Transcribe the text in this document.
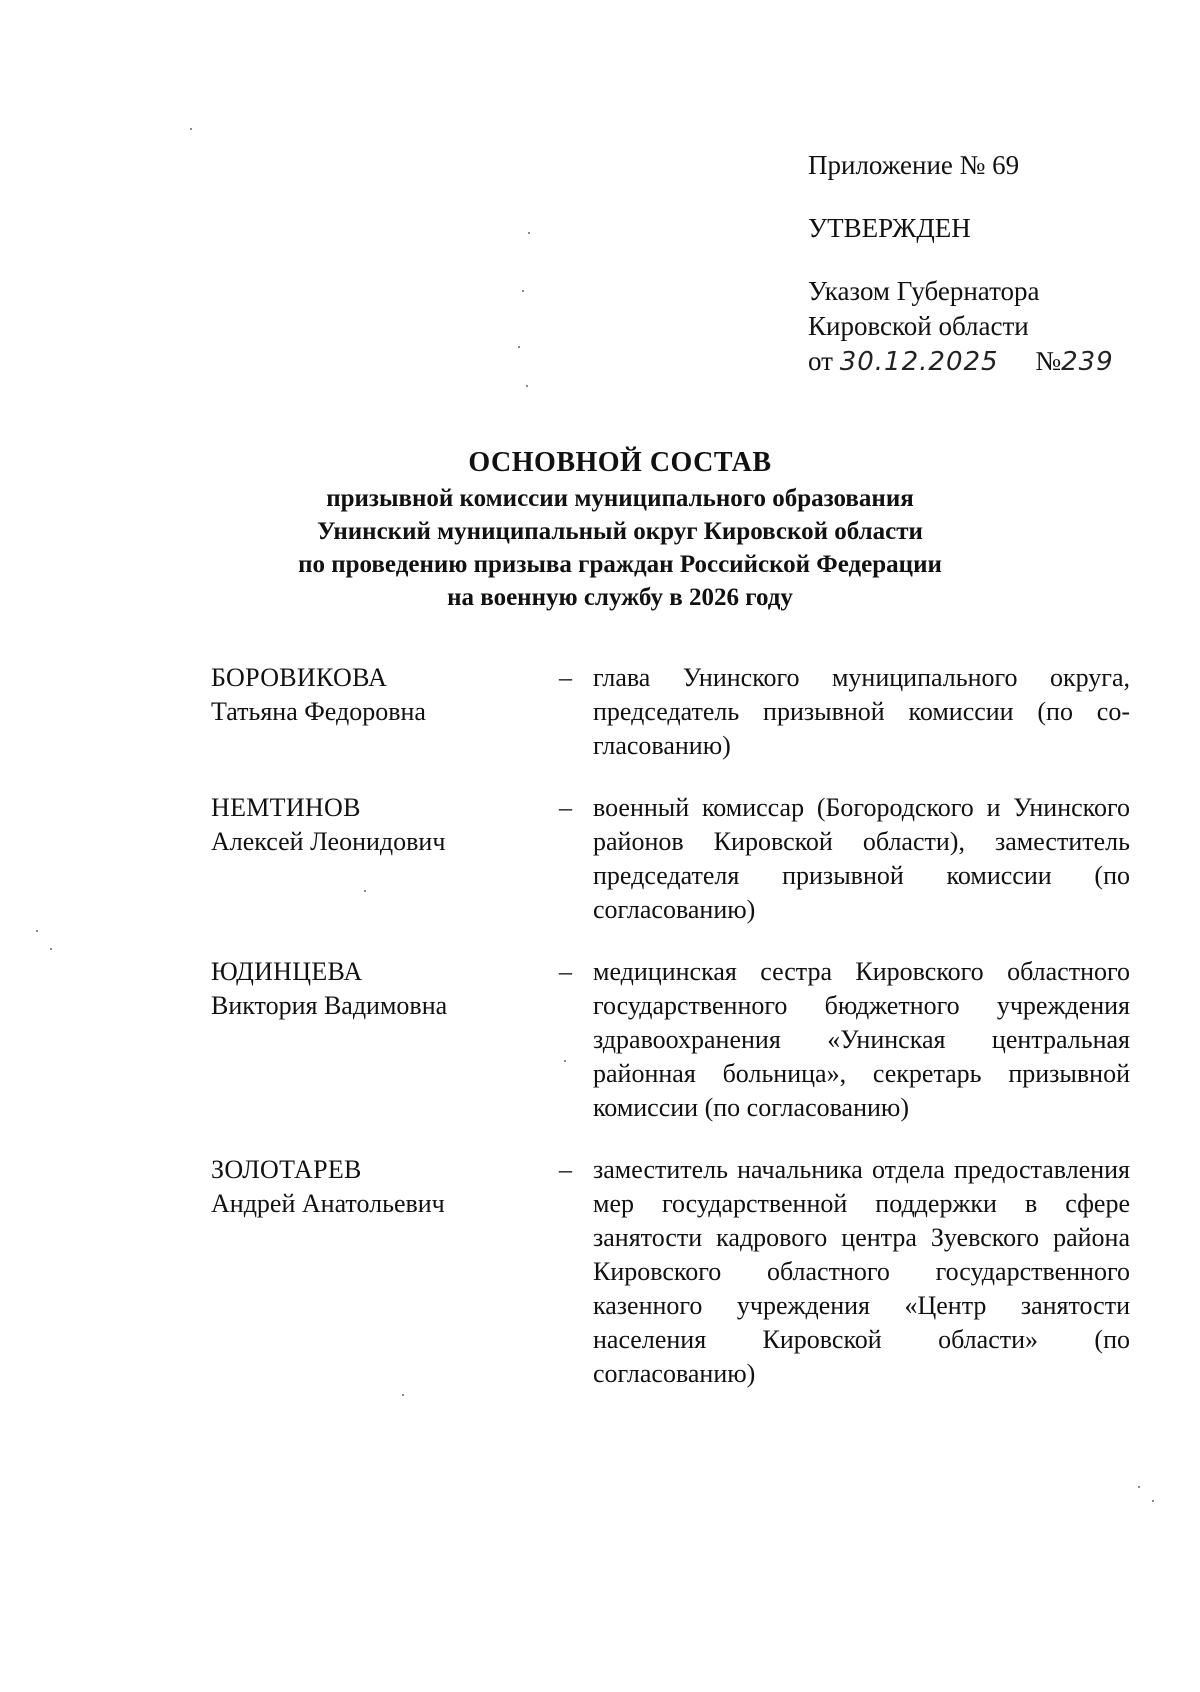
Приложение № 69
УТВЕРЖДЕН
Указом Губернатора
Кировской области
от 30.12.2025 №239
ОСНОВНОЙ СОСТАВ
призывной комиссии муниципального образования
Унинский муниципальный округ Кировской области
по проведению призыва граждан Российской Федерации
на военную службу в 2026 году
БОРОВИКОВА
Татьяна Федоровна
– глава Унинского муниципального округа, председатель призывной комиссии (по согласованию)
НЕМТИНОВ
Алексей Леонидович
– военный комиссар (Богородского и Унинского районов Кировской области), заместитель председателя призывной комиссии (по согласованию)
ЮДИНЦЕВА
Виктория Вадимовна
– медицинская сестра Кировского областного государственного бюджетного учреждения здравоохранения «Унинская центральная районная больница», секретарь призывной комиссии (по согласованию)
ЗОЛОТАРЕВ
Андрей Анатольевич
– заместитель начальника отдела предоставления мер государственной поддержки в сфере занятости кадрового центра Зуевского района Кировского областного государственного казенного учреждения «Центр занятости населения Кировской области» (по согласованию)
